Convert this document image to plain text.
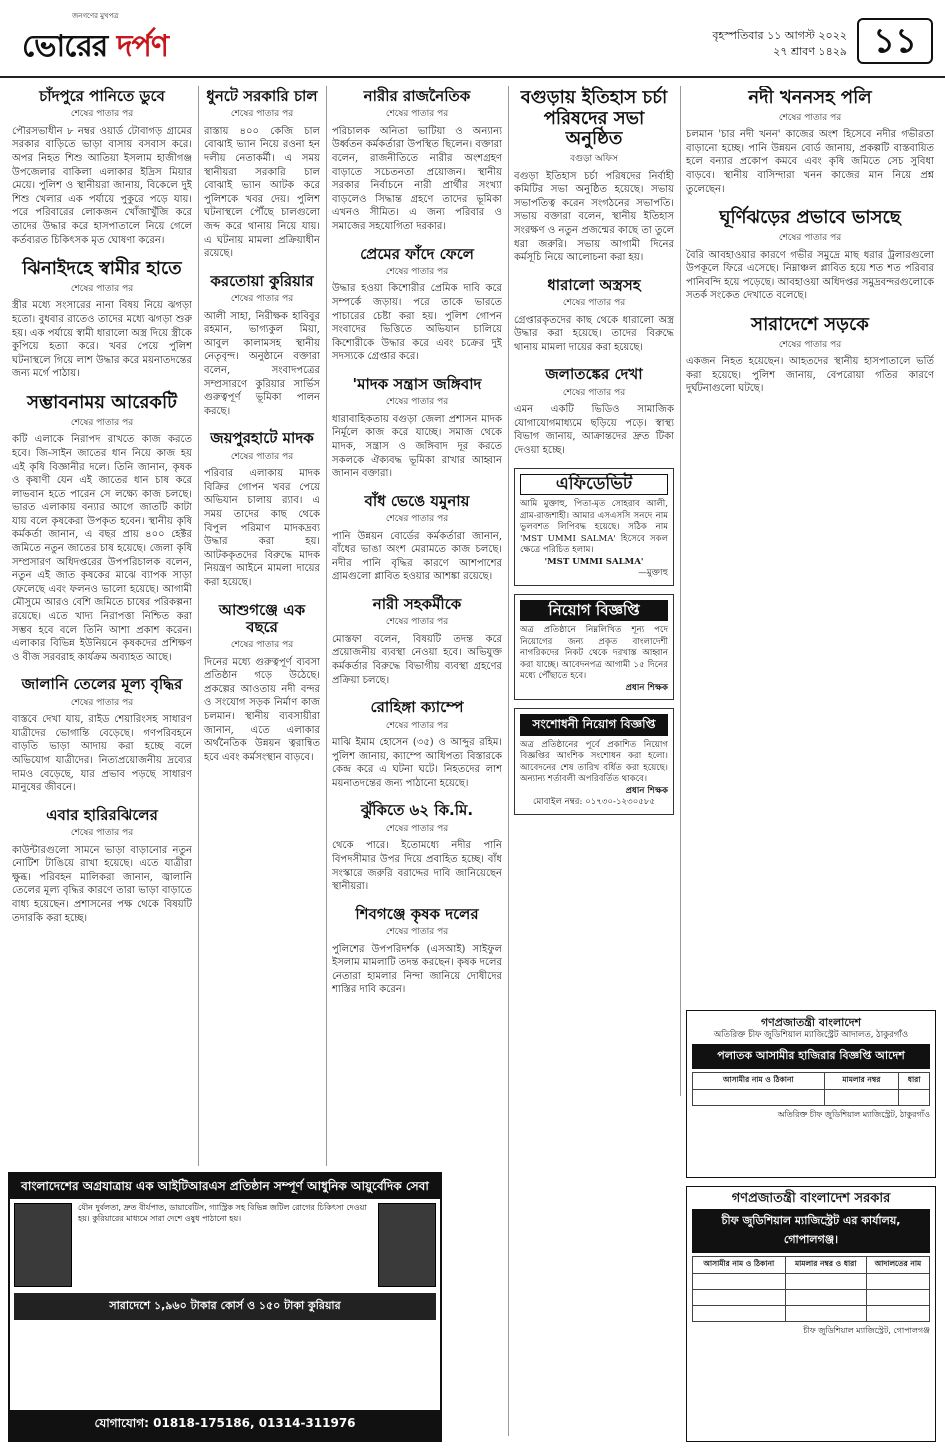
জনগণের মুখপত্র
ভোরের দর্পণ	বৃহস্পতিবার ১১ আগস্ট ২০২২
২৭ শ্রাবণ ১৪২৯ ১১
চাঁদপুরে পানিতে ডুবে
শেষের পাতার পর

পৌরসভাধীন ৮ নম্বর ওয়ার্ড টোবাগড় গ্রামের সরকার বাড়িতে ভাড়া বাসায় বসবাস করে। অপর নিহত শিশু আতিয়া ইসলাম হাজীগঞ্জ উপজেলার বাকিলা এলাকার ইদ্রিস মিয়ার মেয়ে। পুলিশ ও স্থানীয়রা জানায়, বিকেলে দুই শিশু খেলার এক পর্যায়ে পুকুরে পড়ে যায়। পরে পরিবারের লোকজন খোঁজাখুঁজি করে তাদের উদ্ধার করে হাসপাতালে নিয়ে গেলে কর্তব্যরত চিকিৎসক মৃত ঘোষণা করেন।

ঝিনাইদহে স্বামীর হাতে
শেষের পাতার পর

স্ত্রীর মধ্যে সংসারের নানা বিষয় নিয়ে ঝগড়া হতো। বুধবার রাতেও তাদের মধ্যে ঝগড়া শুরু হয়। এক পর্যায়ে স্বামী ধারালো অস্ত্র দিয়ে স্ত্রীকে কুপিয়ে হত্যা করে। খবর পেয়ে পুলিশ ঘটনাস্থলে গিয়ে লাশ উদ্ধার করে ময়নাতদন্তের জন্য মর্গে পাঠায়।

সম্ভাবনাময় আরেকটি
শেষের পাতার পর

কটি এলাকে নিরাপদ রাখতে কাজ করতে হবে। জি-সাইন জাতের ধান নিয়ে কাজ হয় এই কৃষি বিজ্ঞানীর দলে। তিনি জানান, কৃষক ও কৃষাণী যেন এই জাতের ধান চাষ করে লাভবান হতে পারেন সে লক্ষ্যে কাজ চলছে। ভারত এলাকায় বন্যার আগে জাতটি কাটা যায় বলে কৃষকেরা উপকৃত হবেন। স্থানীয় কৃষি কর্মকর্তা জানান, এ বছর প্রায় ৪০০ হেক্টর জমিতে নতুন জাতের চাষ হয়েছে। জেলা কৃষি সম্প্রসারণ অধিদপ্তরের উপপরিচালক বলেন, নতুন এই জাত কৃষকের মাঝে ব্যাপক সাড়া ফেলেছে এবং ফলনও ভালো হয়েছে। আগামী মৌসুমে আরও বেশি জমিতে চাষের পরিকল্পনা রয়েছে। এতে খাদ্য নিরাপত্তা নিশ্চিত করা সম্ভব হবে বলে তিনি আশা প্রকাশ করেন। এলাকার বিভিন্ন ইউনিয়নে কৃষকদের প্রশিক্ষণ ও বীজ সরবরাহ কার্যক্রম অব্যাহত আছে।

জালানি তেলের মূল্য বৃদ্ধির
শেষের পাতার পর

বাস্তবে দেখা যায়, রাইড শেয়ারিংসহ সাধারণ যাত্রীদের ভোগান্তি বেড়েছে। গণপরিবহনে বাড়তি ভাড়া আদায় করা হচ্ছে বলে অভিযোগ যাত্রীদের। নিত্যপ্রয়োজনীয় দ্রব্যের দামও বেড়েছে, যার প্রভাব পড়ছে সাধারণ মানুষের জীবনে।

এবার হারিরঝিলের
শেষের পাতার পর

কাউন্টারগুলো সামনে ভাড়া বাড়ানোর নতুন নোটিশ টাঙিয়ে রাখা হয়েছে। এতে যাত্রীরা ক্ষুব্ধ। পরিবহন মালিকরা জানান, জ্বালানি তেলের মূল্য বৃদ্ধির কারণে তারা ভাড়া বাড়াতে বাধ্য হয়েছেন। প্রশাসনের পক্ষ থেকে বিষয়টি তদারকি করা হচ্ছে।

ধুনটে সরকারি চাল
শেষের পাতার পর

রাস্তায় ৪০০ কেজি চাল বোঝাই ভ্যান নিয়ে রওনা হন দলীয় নেতাকর্মী। এ সময় স্থানীয়রা সরকারি চাল বোঝাই ভ্যান আটক করে পুলিশকে খবর দেয়। পুলিশ ঘটনাস্থলে পৌঁছে চালগুলো জব্দ করে থানায় নিয়ে যায়। এ ঘটনায় মামলা প্রক্রিয়াধীন রয়েছে।

করতোয়া কুরিয়ার
শেষের পাতার পর

আলী সাহা, নিরীক্ষক হাবিবুর রহমান, ভাগ্যকুল মিয়া, আবুল কালামসহ স্থানীয় নেতৃবৃন্দ। অনুষ্ঠানে বক্তারা বলেন, সংবাদপত্রের সম্প্রসারণে কুরিয়ার সার্ভিস গুরুত্বপূর্ণ ভূমিকা পালন করছে।

জয়পুরহাটে মাদক
শেষের পাতার পর

পরিবার এলাকায় মাদক বিক্রির গোপন খবর পেয়ে অভিযান চালায় র‌্যাব। এ সময় তাদের কাছ থেকে বিপুল পরিমাণ মাদকদ্রব্য উদ্ধার করা হয়। আটককৃতদের বিরুদ্ধে মাদক নিয়ন্ত্রণ আইনে মামলা দায়ের করা হয়েছে।

আশুগঞ্জে এক বছরে
শেষের পাতার পর

দিনের মধ্যে গুরুত্বপূর্ণ ব্যবসা প্রতিষ্ঠান গড়ে উঠেছে। প্রকল্পের আওতায় নদী বন্দর ও সংযোগ সড়ক নির্মাণ কাজ চলমান। স্থানীয় ব্যবসায়ীরা জানান, এতে এলাকার অর্থনৈতিক উন্নয়ন ত্বরান্বিত হবে এবং কর্মসংস্থান বাড়বে।

নারীর রাজনৈতিক
শেষের পাতার পর

পরিচালক অনিতা ভাটিয়া ও অন্যান্য উর্ধ্বতন কর্মকর্তারা উপস্থিত ছিলেন। বক্তারা বলেন, রাজনীতিতে নারীর অংশগ্রহণ বাড়াতে সচেতনতা প্রয়োজন। স্থানীয় সরকার নির্বাচনে নারী প্রার্থীর সংখ্যা বাড়লেও সিদ্ধান্ত গ্রহণে তাদের ভূমিকা এখনও সীমিত। এ জন্য পরিবার ও সমাজের সহযোগিতা দরকার।

প্রেমের ফাঁদে ফেলে
শেষের পাতার পর

উদ্ধার হওয়া কিশোরীর প্রেমিক দাবি করে সম্পর্কে জড়ায়। পরে তাকে ভারতে পাচারের চেষ্টা করা হয়। পুলিশ গোপন সংবাদের ভিত্তিতে অভিযান চালিয়ে কিশোরীকে উদ্ধার করে এবং চক্রের দুই সদস্যকে গ্রেপ্তার করে।

'মাদক সন্ত্রাস জঙ্গিবাদ
শেষের পাতার পর

ধারাবাহিকতায় বগুড়া জেলা প্রশাসন মাদক নির্মূলে কাজ করে যাচ্ছে। সমাজ থেকে মাদক, সন্ত্রাস ও জঙ্গিবাদ দূর করতে সকলকে ঐক্যবদ্ধ ভূমিকা রাখার আহ্বান জানান বক্তারা।

বাঁধ ভেঙে যমুনায়
শেষের পাতার পর

পানি উন্নয়ন বোর্ডের কর্মকর্তারা জানান, বাঁধের ভাঙা অংশ মেরামতে কাজ চলছে। নদীর পানি বৃদ্ধির কারণে আশপাশের গ্রামগুলো প্লাবিত হওয়ার আশঙ্কা রয়েছে।

নারী সহকর্মীকে
শেষের পাতার পর

মোস্তফা বলেন, বিষয়টি তদন্ত করে প্রয়োজনীয় ব্যবস্থা নেওয়া হবে। অভিযুক্ত কর্মকর্তার বিরুদ্ধে বিভাগীয় ব্যবস্থা গ্রহণের প্রক্রিয়া চলছে।

রোহিঙ্গা ক্যাম্পে
শেষের পাতার পর

মাঝি ইমাম হোসেন (৩৫) ও আব্দুর রহিম। পুলিশ জানায়, ক্যাম্পে আধিপত্য বিস্তারকে কেন্দ্র করে এ ঘটনা ঘটে। নিহতদের লাশ ময়নাতদন্তের জন্য পাঠানো হয়েছে।

ঝুঁকিতে ৬২ কি.মি.
শেষের পাতার পর

থেকে পারে। ইতোমধ্যে নদীর পানি বিপদসীমার উপর দিয়ে প্রবাহিত হচ্ছে। বাঁধ সংস্কারে জরুরি বরাদ্দের দাবি জানিয়েছেন স্থানীয়রা।

শিবগঞ্জে কৃষক দলের
শেষের পাতার পর

পুলিশের উপপরিদর্শক (এসআই) সাইফুল ইসলাম মামলাটি তদন্ত করছেন। কৃষক দলের নেতারা হামলার নিন্দা জানিয়ে দোষীদের শাস্তির দাবি করেন।

বগুড়ায় ইতিহাস চর্চা পরিষদের সভা অনুষ্ঠিত
বগুড়া অফিস

বগুড়া ইতিহাস চর্চা পরিষদের নির্বাহী কমিটির সভা অনুষ্ঠিত হয়েছে। সভায় সভাপতিত্ব করেন সংগঠনের সভাপতি। সভায় বক্তারা বলেন, স্থানীয় ইতিহাস সংরক্ষণ ও নতুন প্রজন্মের কাছে তা তুলে ধরা জরুরি। সভায় আগামী দিনের কর্মসূচি নিয়ে আলোচনা করা হয়।

ধারালো অস্ত্রসহ
শেষের পাতার পর

গ্রেপ্তারকৃতদের কাছ থেকে ধারালো অস্ত্র উদ্ধার করা হয়েছে। তাদের বিরুদ্ধে থানায় মামলা দায়ের করা হয়েছে।

জলাতঙ্কের দেখা
শেষের পাতার পর

এমন একটি ভিডিও সামাজিক যোগাযোগমাধ্যমে ছড়িয়ে পড়ে। স্বাস্থ্য বিভাগ জানায়, আক্রান্তদের দ্রুত টিকা দেওয়া হচ্ছে।

এফিডেভিট
আমি মুক্তাহু, পিতা-মৃত সোহরাব আলী, গ্রাম-রাজশাহী। আমার এসএসসি সনদে নাম ভুলবশত লিপিবদ্ধ হয়েছে। সঠিক নাম 'MST UMMI SALMA' হিসেবে সকল ক্ষেত্রে পরিচিত হলাম।
'MST UMMI SALMA'
—মুক্তাহু
নিয়োগ বিজ্ঞপ্তি
অত্র প্রতিষ্ঠানে নিম্নলিখিত শূন্য পদে নিয়োগের জন্য প্রকৃত বাংলাদেশী নাগরিকদের নিকট থেকে দরখাস্ত আহ্বান করা যাচ্ছে। আবেদনপত্র আগামী ১৫ দিনের মধ্যে পৌঁছাতে হবে।
প্রধান শিক্ষক
সংশোধনী নিয়োগ বিজ্ঞপ্তি
অত্র প্রতিষ্ঠানের পূর্বে প্রকাশিত নিয়োগ বিজ্ঞপ্তির আংশিক সংশোধন করা হলো। আবেদনের শেষ তারিখ বর্ধিত করা হয়েছে। অন্যান্য শর্তাবলী অপরিবর্তিত থাকবে।
প্রধান শিক্ষক
মোবাইল নম্বর: ০১৭৩০-১২৩০৫৮৫
নদী খননসহ পলি
শেষের পাতার পর

চলমান 'চার নদী খনন' কাজের অংশ হিসেবে নদীর গভীরতা বাড়ানো হচ্ছে। পানি উন্নয়ন বোর্ড জানায়, প্রকল্পটি বাস্তবায়িত হলে বন্যার প্রকোপ কমবে এবং কৃষি জমিতে সেচ সুবিধা বাড়বে। স্থানীয় বাসিন্দারা খনন কাজের মান নিয়ে প্রশ্ন তুলেছেন।

ঘূর্ণিঝড়ের প্রভাবে ভাসছে
শেষের পাতার পর

বৈরি আবহাওয়ার কারণে গভীর সমুদ্রে মাছ ধরার ট্রলারগুলো উপকূলে ফিরে এসেছে। নিম্নাঞ্চল প্লাবিত হয়ে শত শত পরিবার পানিবন্দি হয়ে পড়েছে। আবহাওয়া অধিদপ্তর সমুদ্রবন্দরগুলোকে সতর্ক সংকেত দেখাতে বলেছে।

সারাদেশে সড়কে
শেষের পাতার পর

একজন নিহত হয়েছেন। আহতদের স্থানীয় হাসপাতালে ভর্তি করা হয়েছে। পুলিশ জানায়, বেপরোয়া গতির কারণে দুর্ঘটনাগুলো ঘটছে।

বাংলাদেশের অগ্রযাত্রায় এক আইটিআরএস প্রতিষ্ঠান সম্পূর্ণ আধুনিক আয়ুর্বেদিক সেবা
যৌন দুর্বলতা, দ্রুত বীর্যপাত, ডায়াবেটিস, গ্যাস্ট্রিক সহ বিভিন্ন জটিল রোগের চিকিৎসা দেওয়া হয়। কুরিয়ারের মাধ্যমে সারা দেশে ওষুধ পাঠানো হয়।
সারাদেশে ১,৯৬০ টাকার কোর্স ও ১৫০ টাকা কুরিয়ার
যোগাযোগ: 01818-175186, 01314-311976
গণপ্রজাতন্ত্রী বাংলাদেশ
অতিরিক্ত চীফ জুডিশিয়াল ম্যাজিস্ট্রেট আদালত, ঠাকুরগাঁও
পলাতক আসামীর হাজিরার বিজ্ঞপ্তি আদেশ
আসামীর নাম ও ঠিকানা	মামলার নম্বর	ধারা

অতিরিক্ত চীফ জুডিশিয়াল ম্যাজিস্ট্রেট, ঠাকুরগাঁও
গণপ্রজাতন্ত্রী বাংলাদেশ সরকার
চীফ জুডিশিয়াল ম্যাজিস্ট্রেট এর কার্যালয়, গোপালগঞ্জ।
আসামীর নাম ও ঠিকানা	মামলার নম্বর ও ধারা	আদালতের নাম

চীফ জুডিশিয়াল ম্যাজিস্ট্রেট, গোপালগঞ্জ
